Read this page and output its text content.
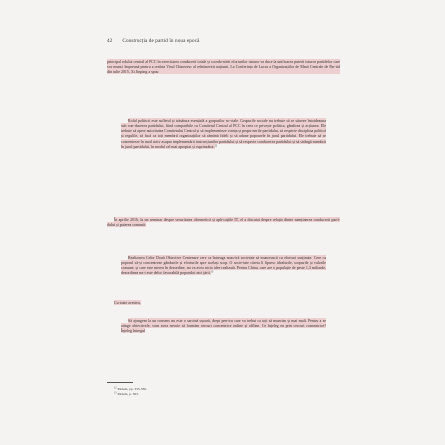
42 Construcția de partid în noua epocă

principal rolului central al PCC în exercitarea conducerii totale și coordo-nării eforturilor tuturor va duce la unificarea puterii tuturor partidelor care vor munci împreună pentru a realiza Visul Chinezesc al reîntineririi națiunii. La Conferința de Lucru a Organizațiilor de Masă Centrale de Par-tid din iulie 2015, Xi Jinping a spus:

Rolul politicii este sufletul și trăsătura esențială a grupurilor so-ciale. Grupurile sociale nu trebuie să se situeze întotdeauna sub con-ducerea partidului, fiind compatibile cu Comitetul Central al PCC în ceea ce privește politica, gândirea și acțiunea. Ele trebuie să apere autoritatea Comitetului Central și să implementeze voința și propu-nerile partidului, să respecte disciplina politică și regulile, să facă ca toți membrii organizațiilor să rămână fideli și să adune popoarele în jurul partidului. Ele trebuie să se concentreze în mod activ asupra implementării instrucțiunilor partidului și să respecte conducerea partidului și să strângă membrii în jurul partidului, în modul cel mai apropiat și cuprinzător.$^{12}$

În aprilie 2016, la un seminar despre securitatea cibernetică și apli-cațiile IT, el a discutat despre relația dintre menținerea conducerii parti-dului și puterea comună:

Realizarea Celor Două Obiective Centenare cere ca întreaga noas-tră societate să muncească cu eforturi susținute. Cere ca poporul să-și concentreze gândurile și eforturile spre același scop. O socie-tate căreia îi lipsesc idealurile, scopurile și valorile comune, și care este mereu în dezordine, nu va avea nicio idee realizată. Pentru China, care are o populație de peste 1,3 miliarde, dezordinea nu-i este deloc favorabilă poporului nici țării.$^{13}$

Cu toate acestea,

Să ajungem la un consens nu este o sarcină ușoară, drept pen-tru care va trebui ca toți să muncim și mai mult. Pentru a se atinge obiectivele, vom avea nevoie să formăm cercuri concentrice online și offline. Ce înțeleg eu prin cercuri concentrice? Înțeleg întregul

$^{12}$ Ibidem, pp. 335-336.
$^{13}$ Ibidem, p. 363.
